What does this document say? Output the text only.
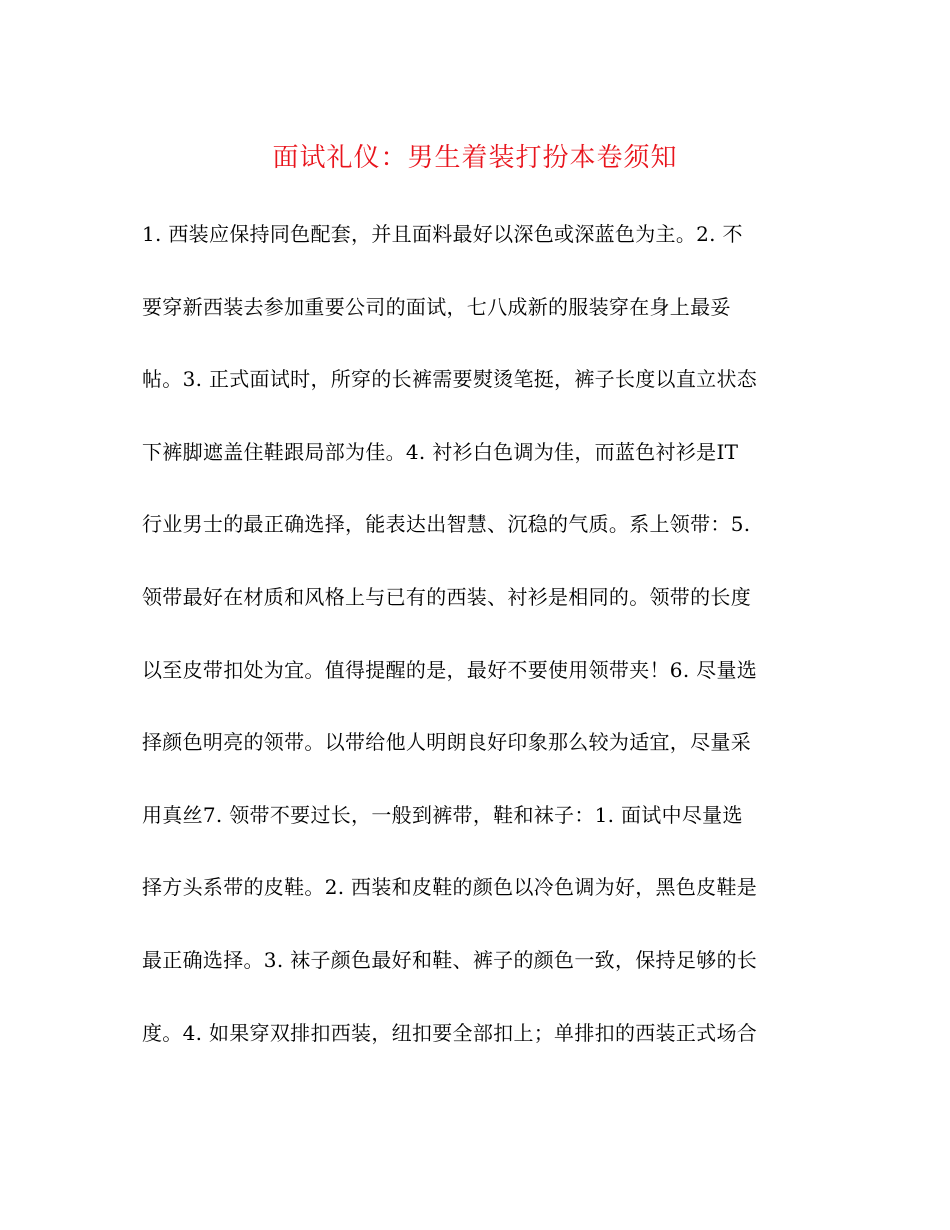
面试礼仪：男生着装打扮本卷须知
1. 西装应保持同色配套，并且面料最好以深色或深蓝色为主。2. 不
要穿新西装去参加重要公司的面试，七八成新的服装穿在身上最妥
帖。3. 正式面试时，所穿的长裤需要熨烫笔挺，裤子长度以直立状态
下裤脚遮盖住鞋跟局部为佳。4. 衬衫白色调为佳，而蓝色衬衫是IT
行业男士的最正确选择，能表达出智慧、沉稳的气质。系上领带：5.
领带最好在材质和风格上与已有的西装、衬衫是相同的。领带的长度
以至皮带扣处为宜。值得提醒的是，最好不要使用领带夹！6. 尽量选
择颜色明亮的领带。以带给他人明朗良好印象那么较为适宜，尽量采
用真丝7. 领带不要过长，一般到裤带，鞋和袜子：1. 面试中尽量选
择方头系带的皮鞋。2. 西装和皮鞋的颜色以冷色调为好，黑色皮鞋是
最正确选择。3. 袜子颜色最好和鞋、裤子的颜色一致，保持足够的长
度。4. 如果穿双排扣西装，纽扣要全部扣上；单排扣的西装正式场合
